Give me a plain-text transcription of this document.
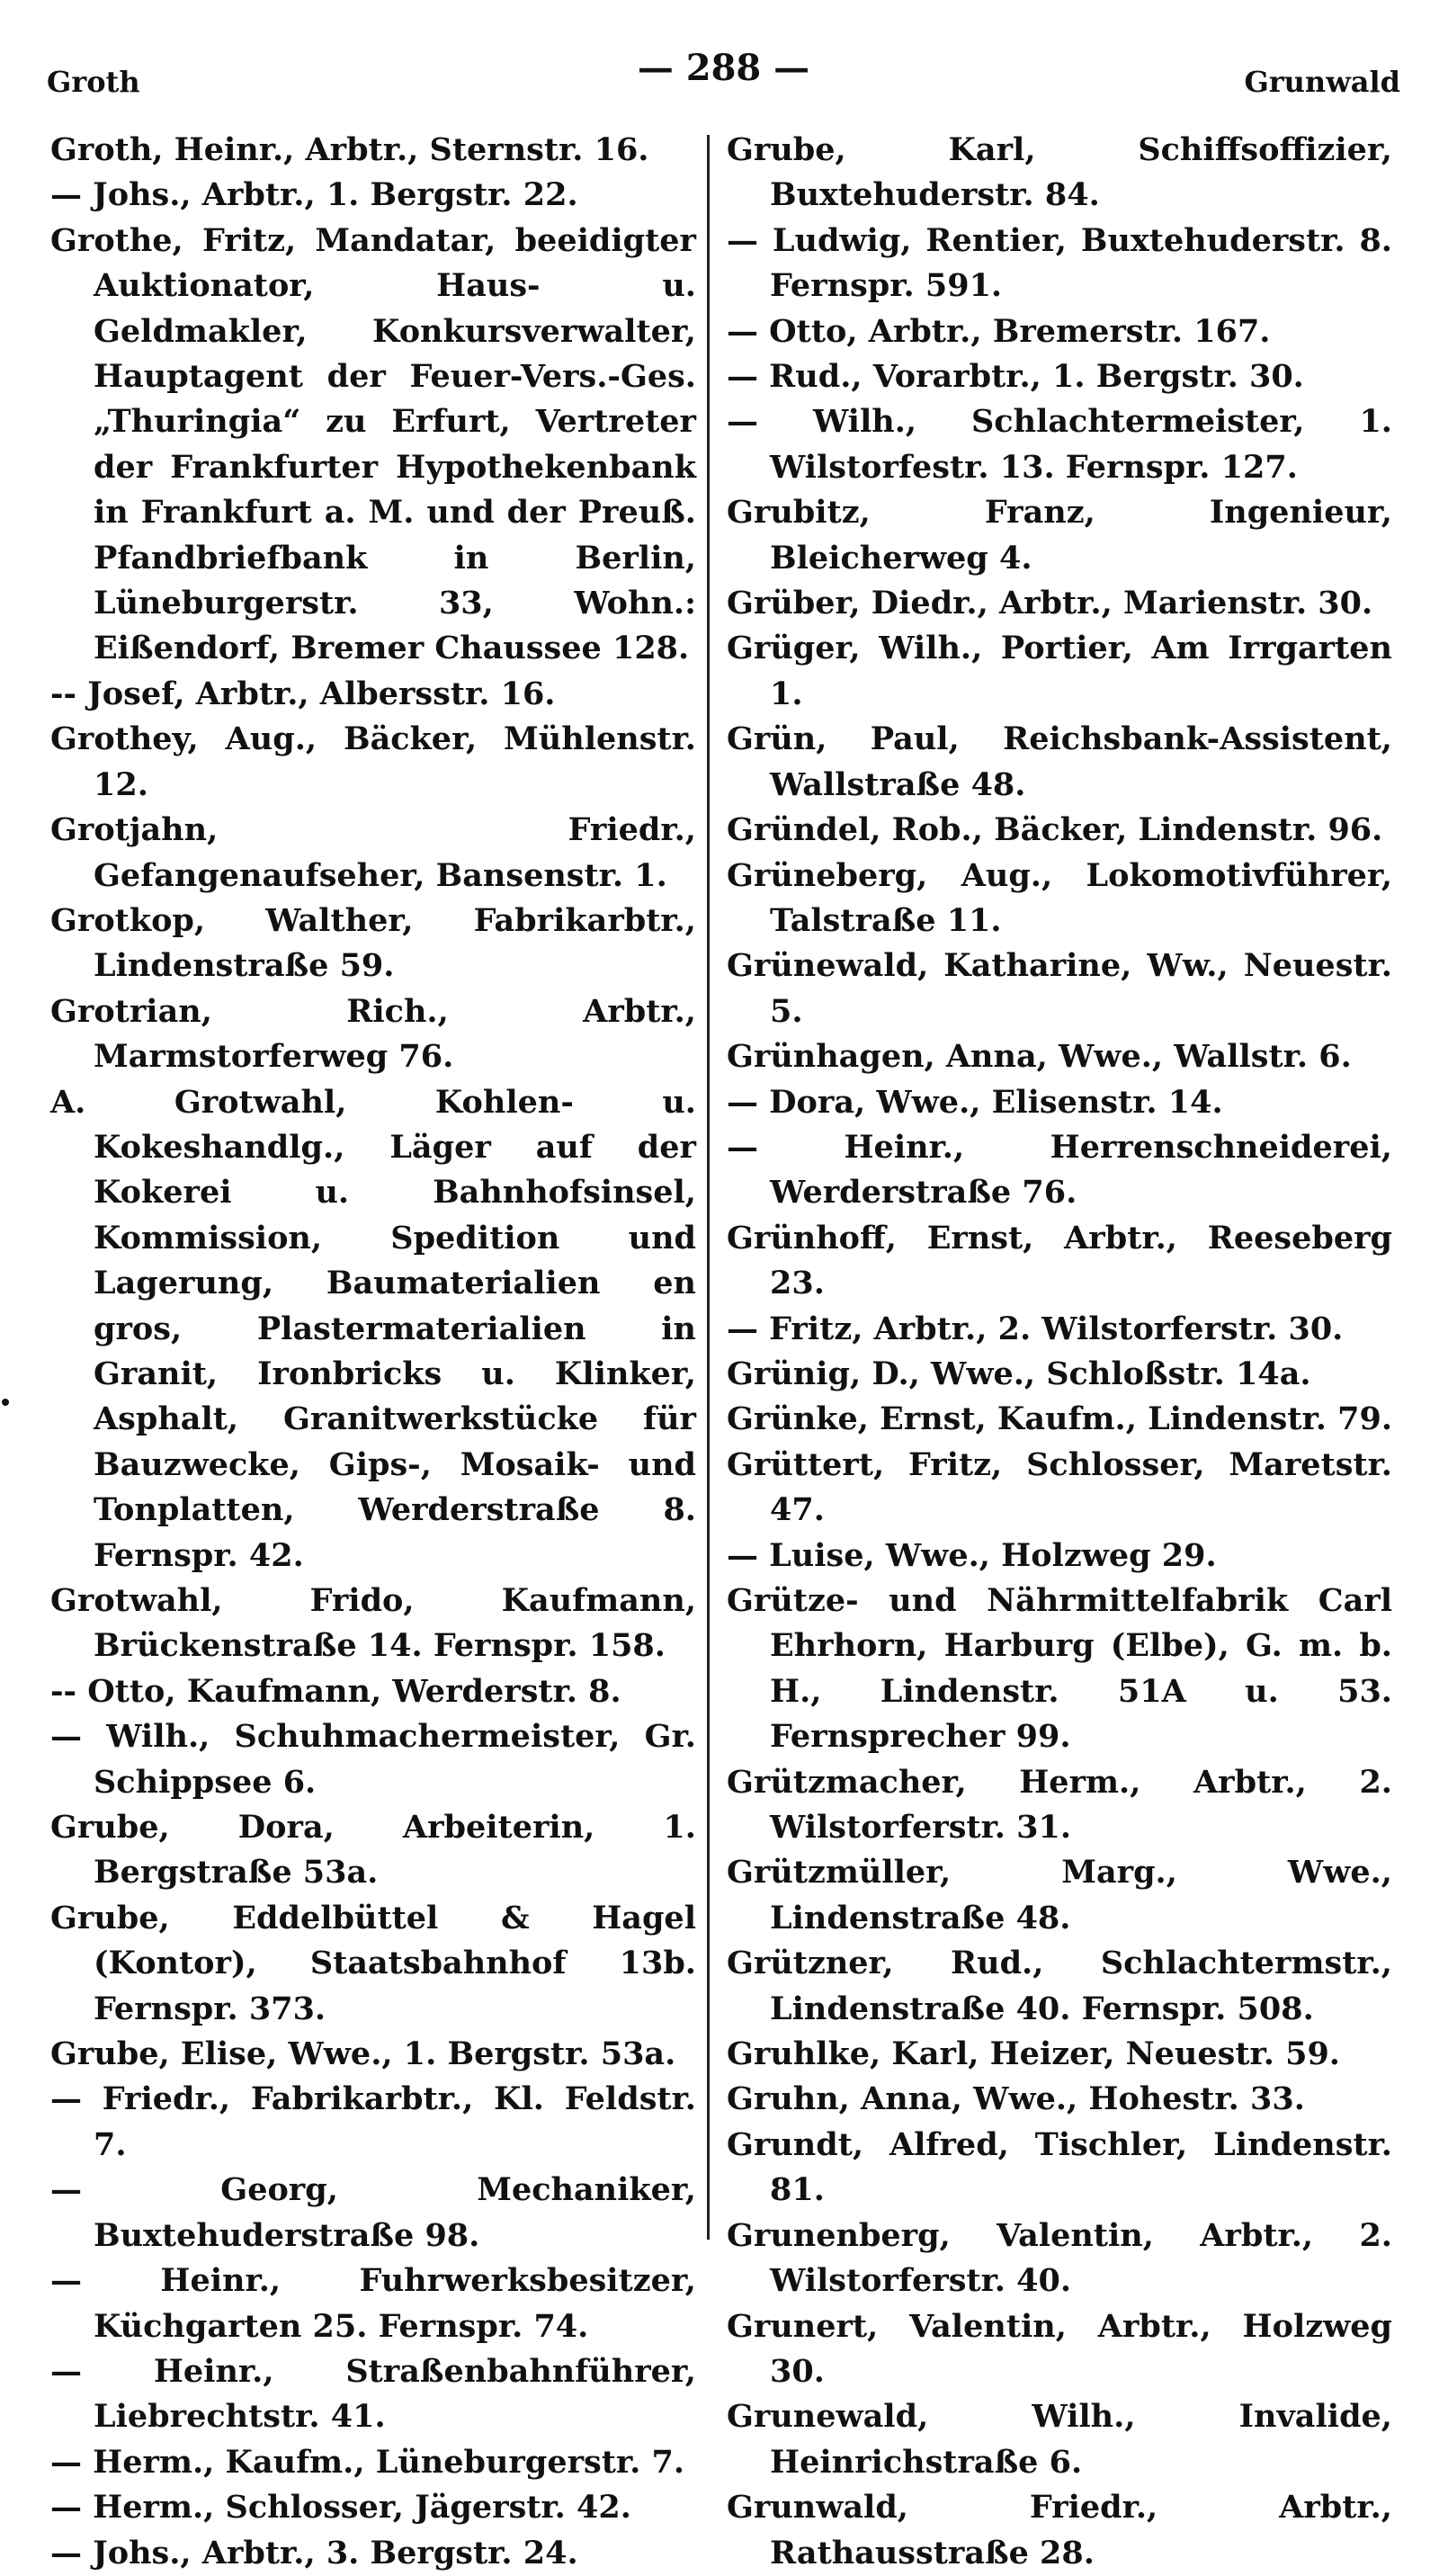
Groth	— 288 —	Grunwald
Groth, Heinr., Arbtr., Sternstr. 16.
— Johs., Arbtr., 1. Bergstr. 22.
Grothe, Fritz, Mandatar, beeidigter Auktionator, Haus- u. Geldmakler, Konkursverwalter, Hauptagent der Feuer-Vers.-Ges. „Thuringia“ zu Erfurt, Vertreter der Frankfurter Hypothekenbank in Frankfurt a. M. und der Preuß. Pfandbriefbank in Berlin, Lüneburgerstr. 33, Wohn.: Eißendorf, Bremer Chaussee 128.
-- Josef, Arbtr., Albersstr. 16.
Grothey, Aug., Bäcker, Mühlenstr. 12.
Grotjahn, Friedr., Gefangenaufseher, Bansenstr. 1.
Grotkop, Walther, Fabrikarbtr., Lindenstraße 59.
Grotrian, Rich., Arbtr., Marmstorferweg 76.
A. Grotwahl, Kohlen- u. Kokeshandlg., Läger auf der Kokerei u. Bahnhofsinsel, Kommission, Spedition und Lagerung, Baumaterialien en gros, Plastermaterialien in Granit, Ironbricks u. Klinker, Asphalt, Granitwerkstücke für Bauzwecke, Gips-, Mosaik- und Tonplatten, Werderstraße 8. Fernspr. 42.
Grotwahl, Frido, Kaufmann, Brückenstraße 14. Fernspr. 158.
-- Otto, Kaufmann, Werderstr. 8.
— Wilh., Schuhmachermeister, Gr. Schippsee 6.
Grube, Dora, Arbeiterin, 1. Bergstraße 53a.
Grube, Eddelbüttel & Hagel (Kontor), Staatsbahnhof 13b. Fernspr. 373.
Grube, Elise, Wwe., 1. Bergstr. 53a.
— Friedr., Fabrikarbtr., Kl. Feldstr. 7.
— Georg, Mechaniker, Buxtehuderstraße 98.
— Heinr., Fuhrwerksbesitzer, Küchgarten 25. Fernspr. 74.
— Heinr., Straßenbahnführer, Liebrechtstr. 41.
— Herm., Kaufm., Lüneburgerstr. 7.
— Herm., Schlosser, Jägerstr. 42.
— Johs., Arbtr., 3. Bergstr. 24.
Grube, Karl, Schiffsoffizier, Buxtehuderstr. 84.
— Ludwig, Rentier, Buxtehuderstr. 8. Fernspr. 591.
— Otto, Arbtr., Bremerstr. 167.
— Rud., Vorarbtr., 1. Bergstr. 30.
— Wilh., Schlachtermeister, 1. Wilstorfestr. 13. Fernspr. 127.
Grubitz, Franz, Ingenieur, Bleicherweg 4.
Grüber, Diedr., Arbtr., Marienstr. 30.
Grüger, Wilh., Portier, Am Irrgarten 1.
Grün, Paul, Reichsbank-Assistent, Wallstraße 48.
Gründel, Rob., Bäcker, Lindenstr. 96.
Grüneberg, Aug., Lokomotivführer, Talstraße 11.
Grünewald, Katharine, Ww., Neuestr. 5.
Grünhagen, Anna, Wwe., Wallstr. 6.
— Dora, Wwe., Elisenstr. 14.
— Heinr., Herrenschneiderei, Werderstraße 76.
Grünhoff, Ernst, Arbtr., Reeseberg 23.
— Fritz, Arbtr., 2. Wilstorferstr. 30.
Grünig, D., Wwe., Schloßstr. 14a.
Grünke, Ernst, Kaufm., Lindenstr. 79.
Grüttert, Fritz, Schlosser, Maretstr. 47.
— Luise, Wwe., Holzweg 29.
Grütze- und Nährmittelfabrik Carl Ehrhorn, Harburg (Elbe), G. m. b. H., Lindenstr. 51A u. 53. Fernsprecher 99.
Grützmacher, Herm., Arbtr., 2. Wilstorferstr. 31.
Grützmüller, Marg., Wwe., Lindenstraße 48.
Grützner, Rud., Schlachtermstr., Lindenstraße 40. Fernspr. 508.
Gruhlke, Karl, Heizer, Neuestr. 59.
Gruhn, Anna, Wwe., Hohestr. 33.
Grundt, Alfred, Tischler, Lindenstr. 81.
Grunenberg, Valentin, Arbtr., 2. Wilstorferstr. 40.
Grunert, Valentin, Arbtr., Holzweg 30.
Grunewald, Wilh., Invalide, Heinrichstraße 6.
Grunwald, Friedr., Arbtr., Rathausstraße 28.
